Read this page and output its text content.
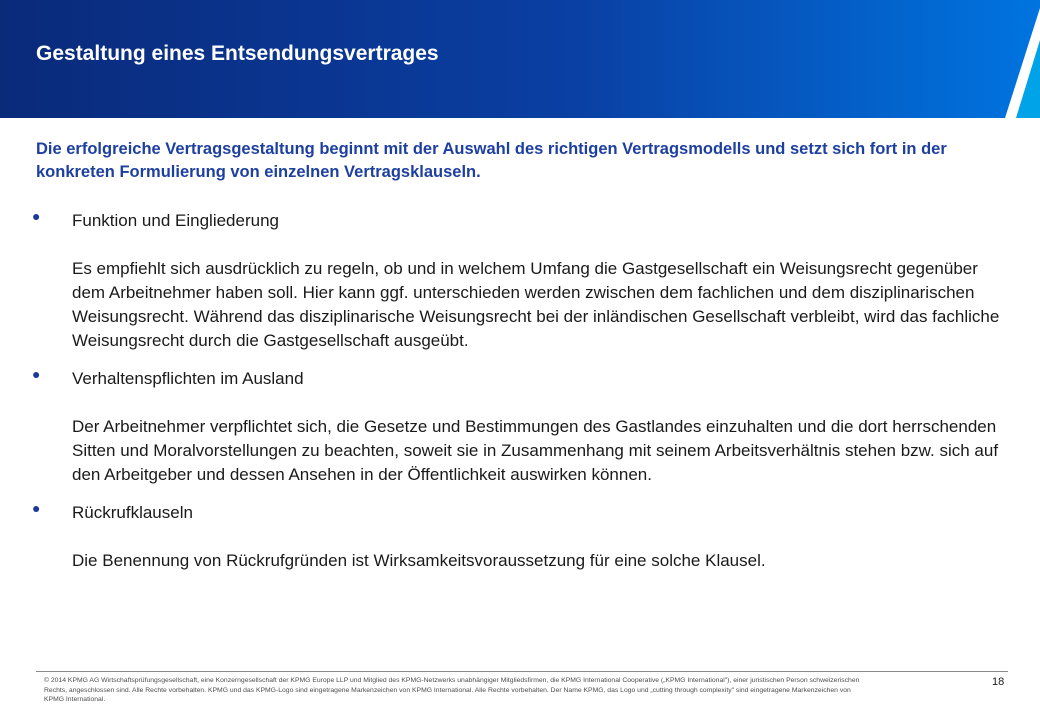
Gestaltung eines Entsendungsvertrages

Die erfolgreiche Vertragsgestaltung beginnt mit der Auswahl des richtigen Vertragsmodells und setzt sich fort in der konkreten Formulierung von einzelnen Vertragsklauseln.

● Funktion und Eingliederung
Es empfiehlt sich ausdrücklich zu regeln, ob und in welchem Umfang die Gastgesellschaft ein Weisungsrecht gegenüber dem Arbeitnehmer haben soll. Hier kann ggf. unterschieden werden zwischen dem fachlichen und dem disziplinarischen Weisungsrecht. Während das disziplinarische Weisungsrecht bei der inländischen Gesellschaft verbleibt, wird das fachliche Weisungsrecht durch die Gastgesellschaft ausgeübt.
● Verhaltenspflichten im Ausland
Der Arbeitnehmer verpflichtet sich, die Gesetze und Bestimmungen des Gastlandes einzuhalten und die dort herrschenden Sitten und Moralvorstellungen zu beachten, soweit sie in Zusammenhang mit seinem Arbeitsverhältnis stehen bzw. sich auf den Arbeitgeber und dessen Ansehen in der Öffentlichkeit auswirken können.
● Rückrufklauseln
Die Benennung von Rückrufgründen ist Wirksamkeitsvoraussetzung für eine solche Klausel.
© 2014 KPMG AG Wirtschaftsprüfungsgesellschaft, eine Konzerngesellschaft der KPMG Europe LLP und Mitglied des KPMG-Netzwerks unabhängiger Mitgliedsfirmen, die KPMG International Cooperative („KPMG International"), einer juristischen Person schweizerischen Rechts, angeschlossen sind. Alle Rechte vorbehalten. KPMG und das KPMG-Logo sind eingetragene Markenzeichen von KPMG International. Alle Rechte vorbehalten. Der Name KPMG, das Logo und „cutting through complexity" sind eingetragene Markenzeichen von KPMG International.
18
